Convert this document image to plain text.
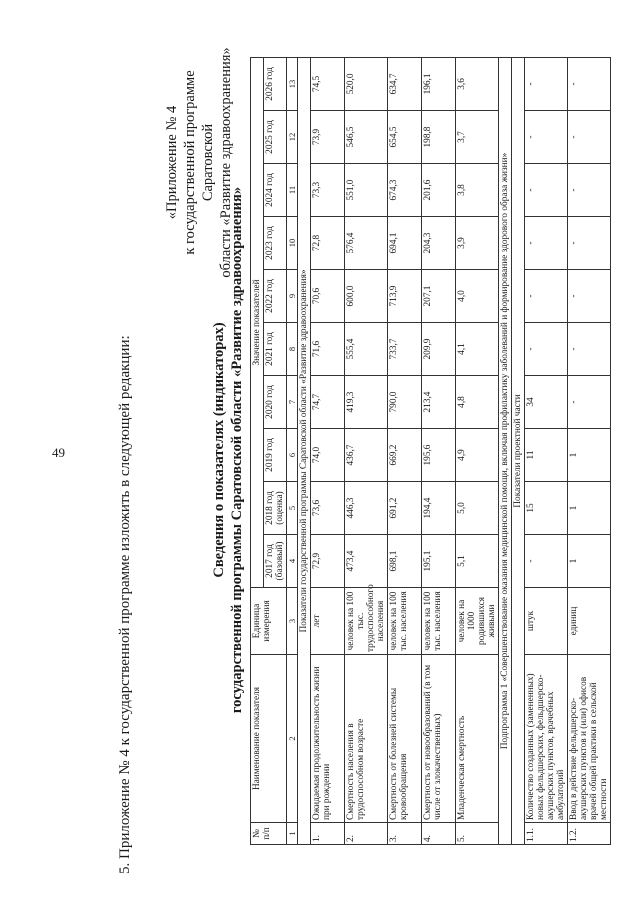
49	5. Приложение № 4 к государственной программе изложить в следующей редакции:
«Приложение № 4 к государственной программе Саратовской области «Развитие здравоохранения»
Сведения о показателях (индикаторах) государственной программы Саратовской области «Развитие здравоохранения»
№ п/п	Наименование показателя	Единица измерения	Значение показателей									
			2017 год (базовый)	2018 год (оценка)	2019 год	2020 год	2021 год	2022 год	2023 год	2024 год	2025 год	2026 год
1	2	3	4	5	6	7	8	9	10	11	12	13
Показатели государственной программы Саратовской области «Развитие здравоохранения»												
1.	Ожидаемая продолжительность жизни при рождении	лет	72,9	73,6	74,0	74,7	71,6	70,6	72,8	73,3	73,9	74,5
2.	Смертность населения в трудоспособном возрасте	человек на 100 тыс. трудоспособного населения	473,4	446,3	436,7	419,3	555,4	600,0	576,4	551,0	546,5	520,0
3.	Смертность от болезней системы кровообращения	человек на 100 тыс. населения	698,1	691,2	669,2	790,0	733,7	713,9	694,1	674,3	654,5	634,7
4.	Смертность от новообразований (в том числе от злокачественных)	человек на 100 тыс. населения	195,1	194,4	195,6	213,4	209,9	207,1	204,3	201,6	198,8	196,1
5.	Младенческая смертность	человек на 1000 родившихся живыми	5,1	5,0	4,9	4,8	4,1	4,0	3,9	3,8	3,7	3,6
Подпрограмма 1 «Совершенствование оказания медицинской помощи, включая профилактику заболеваний и формирование здорового образа жизни»												
Показатели проектной части												
1.1.	Количество созданных (замененных) новых фельдшерских, фельдшерско-акушерских пунктов, врачебных амбулаторий	штук	-	15	11	34	-	-	-	-	-	-
1.2.	Ввод в действие фельдшерско-акушерских пунктов и (или) офисов врачей общей практики в сельской местности	единиц	1	1	1	-	-	-	-	-	-	-
